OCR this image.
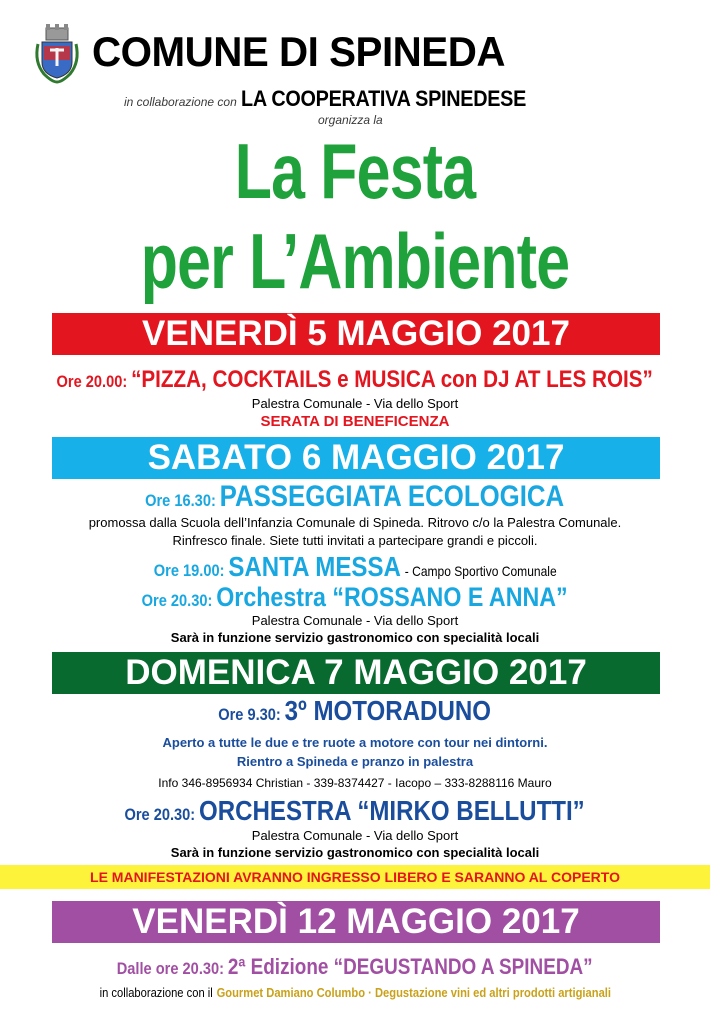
COMUNE DI SPINEDA
in collaborazione con LA COOPERATIVA SPINEDESE
organizza la
La Festa
per L’Ambiente
VENERDÌ 5 MAGGIO 2017
Ore 20.00: “PIZZA, COCKTAILS e MUSICA con DJ AT LES ROIS”
Palestra Comunale - Via dello Sport
SERATA DI BENEFICENZA
SABATO 6 MAGGIO 2017
Ore 16.30: PASSEGGIATA ECOLOGICA
promossa dalla Scuola dell’Infanzia Comunale di Spineda. Ritrovo c/o la Palestra Comunale.
Rinfresco finale. Siete tutti invitati a partecipare grandi e piccoli.
Ore 19.00: SANTA MESSA - Campo Sportivo Comunale
Ore 20.30: Orchestra “ROSSANO E ANNA”
Palestra Comunale - Via dello Sport
Sarà in funzione servizio gastronomico con specialità locali
DOMENICA 7 MAGGIO 2017
Ore 9.30: 3º MOTORADUNO
Aperto a tutte le due e tre ruote a motore con tour nei dintorni.
Rientro a Spineda e pranzo in palestra
Info 346-8956934 Christian - 339-8374427 - Iacopo – 333-8288116 Mauro
Ore 20.30: ORCHESTRA “MIRKO BELLUTTI”
Palestra Comunale - Via dello Sport
Sarà in funzione servizio gastronomico con specialità locali
LE MANIFESTAZIONI AVRANNO INGRESSO LIBERO E SARANNO AL COPERTO
VENERDÌ 12 MAGGIO 2017
Dalle ore 20.30: 2ª Edizione “DEGUSTANDO A SPINEDA”
in collaborazione con il Gourmet Damiano Columbo · Degustazione vini ed altri prodotti artigianali
